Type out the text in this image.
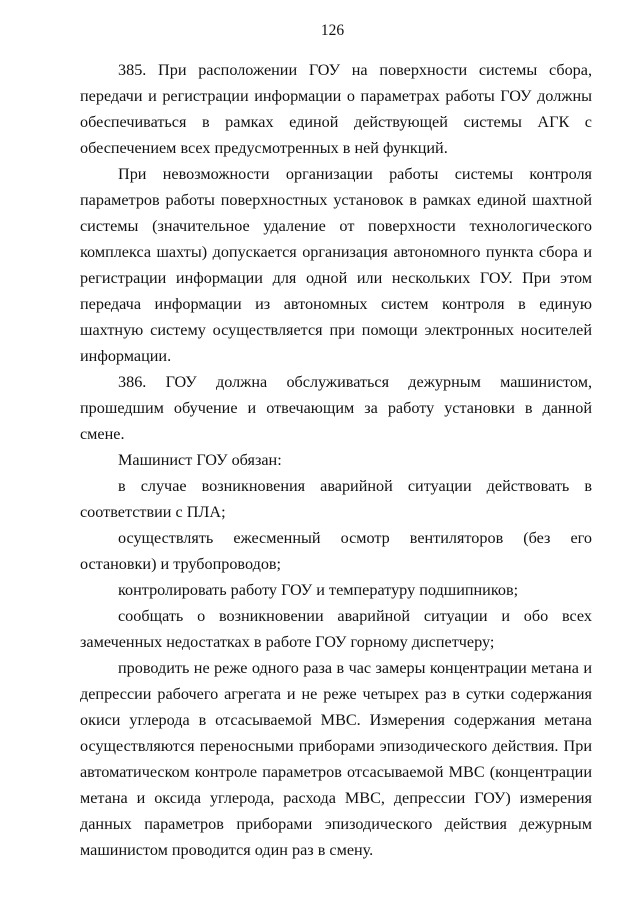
126

385. При расположении ГОУ на поверхности системы сбора, передачи и регистрации информации о параметрах работы ГОУ должны обеспечиваться в рамках единой действующей системы АГК с обеспечением всех предусмотренных в ней функций.

При невозможности организации работы системы контроля параметров работы поверхностных установок в рамках единой шахтной системы (значительное удаление от поверхности технологического комплекса шахты) допускается организация автономного пункта сбора и регистрации информации для одной или нескольких ГОУ. При этом передача информации из автономных систем контроля в единую шахтную систему осуществляется при помощи электронных носителей информации.

386. ГОУ должна обслуживаться дежурным машинистом, прошедшим обучение и отвечающим за работу установки в данной смене.

Машинист ГОУ обязан:

в случае возникновения аварийной ситуации действовать в соответствии с ПЛА;

осуществлять ежесменный осмотр вентиляторов (без его остановки) и трубопроводов;

контролировать работу ГОУ и температуру подшипников;

сообщать о возникновении аварийной ситуации и обо всех замеченных недостатках в работе ГОУ горному диспетчеру;

проводить не реже одного раза в час замеры концентрации метана и депрессии рабочего агрегата и не реже четырех раз в сутки содержания окиси углерода в отсасываемой МВС. Измерения содержания метана осуществляются переносными приборами эпизодического действия. При автоматическом контроле параметров отсасываемой МВС (концентрации метана и оксида углерода, расхода МВС, депрессии ГОУ) измерения данных параметров приборами эпизодического действия дежурным машинистом проводится один раз в смену.
